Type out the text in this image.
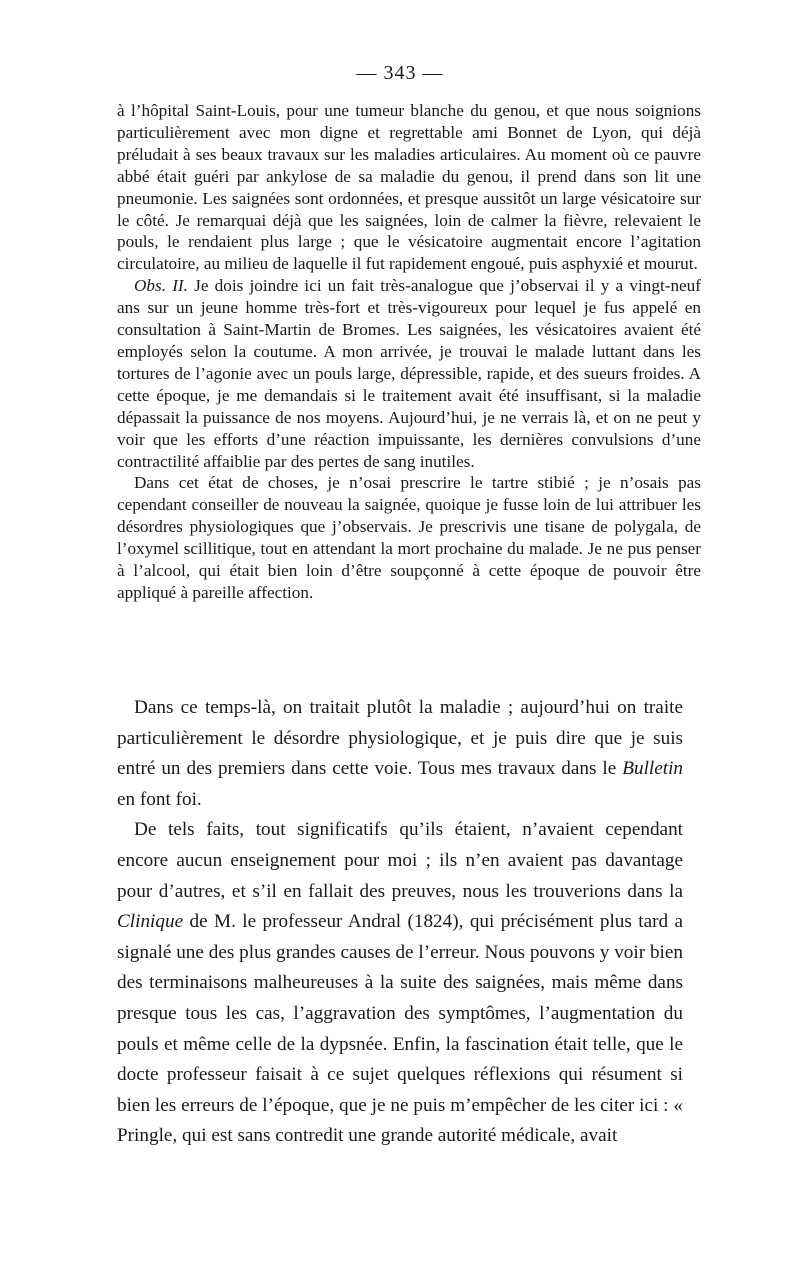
— 343 —

à l’hôpital Saint-Louis, pour une tumeur blanche du genou, et que nous soignions particulièrement avec mon digne et regrettable ami Bonnet de Lyon, qui déjà préludait à ses beaux travaux sur les maladies articulaires. Au moment où ce pauvre abbé était guéri par ankylose de sa maladie du genou, il prend dans son lit une pneumonie. Les saignées sont ordonnées, et presque aussitôt un large vésicatoire sur le côté. Je remarquai déjà que les saignées, loin de calmer la fièvre, relevaient le pouls, le rendaient plus large ; que le vésicatoire augmentait encore l’agitation circulatoire, au milieu de laquelle il fut rapidement engoué, puis asphyxié et mourut.

Obs. II. Je dois joindre ici un fait très-analogue que j’observai il y a vingt-neuf ans sur un jeune homme très-fort et très-vigoureux pour lequel je fus appelé en consultation à Saint-Martin de Bromes. Les saignées, les vésicatoires avaient été employés selon la coutume. A mon arrivée, je trouvai le malade luttant dans les tortures de l’agonie avec un pouls large, dépressible, rapide, et des sueurs froides. A cette époque, je me demandais si le traitement avait été insuffisant, si la maladie dépassait la puissance de nos moyens. Aujourd’hui, je ne verrais là, et on ne peut y voir que les efforts d’une réaction impuissante, les dernières convulsions d’une contractilité affaiblie par des pertes de sang inutiles.

Dans cet état de choses, je n’osai prescrire le tartre stibié ; je n’osais pas cependant conseiller de nouveau la saignée, quoique je fusse loin de lui attribuer les désordres physiologiques que j’observais. Je prescrivis une tisane de polygala, de l’oxymel scillitique, tout en attendant la mort prochaine du malade. Je ne pus penser à l’alcool, qui était bien loin d’être soupçonné à cette époque de pouvoir être appliqué à pareille affection.

Dans ce temps-là, on traitait plutôt la maladie ; aujourd’hui on traite particulièrement le désordre physiologique, et je puis dire que je suis entré un des premiers dans cette voie. Tous mes travaux dans le Bulletin en font foi.

De tels faits, tout significatifs qu’ils étaient, n’avaient cependant encore aucun enseignement pour moi ; ils n’en avaient pas davantage pour d’autres, et s’il en fallait des preuves, nous les trouverions dans la Clinique de M. le professeur Andral (1824), qui précisément plus tard a signalé une des plus grandes causes de l’erreur. Nous pouvons y voir bien des terminaisons malheureuses à la suite des saignées, mais même dans presque tous les cas, l’aggravation des symptômes, l’augmentation du pouls et même celle de la dypsnée. Enfin, la fascination était telle, que le docte professeur faisait à ce sujet quelques réflexions qui résument si bien les erreurs de l’époque, que je ne puis m’empêcher de les citer ici : « Pringle, qui est sans contredit une grande autorité médicale, avait
